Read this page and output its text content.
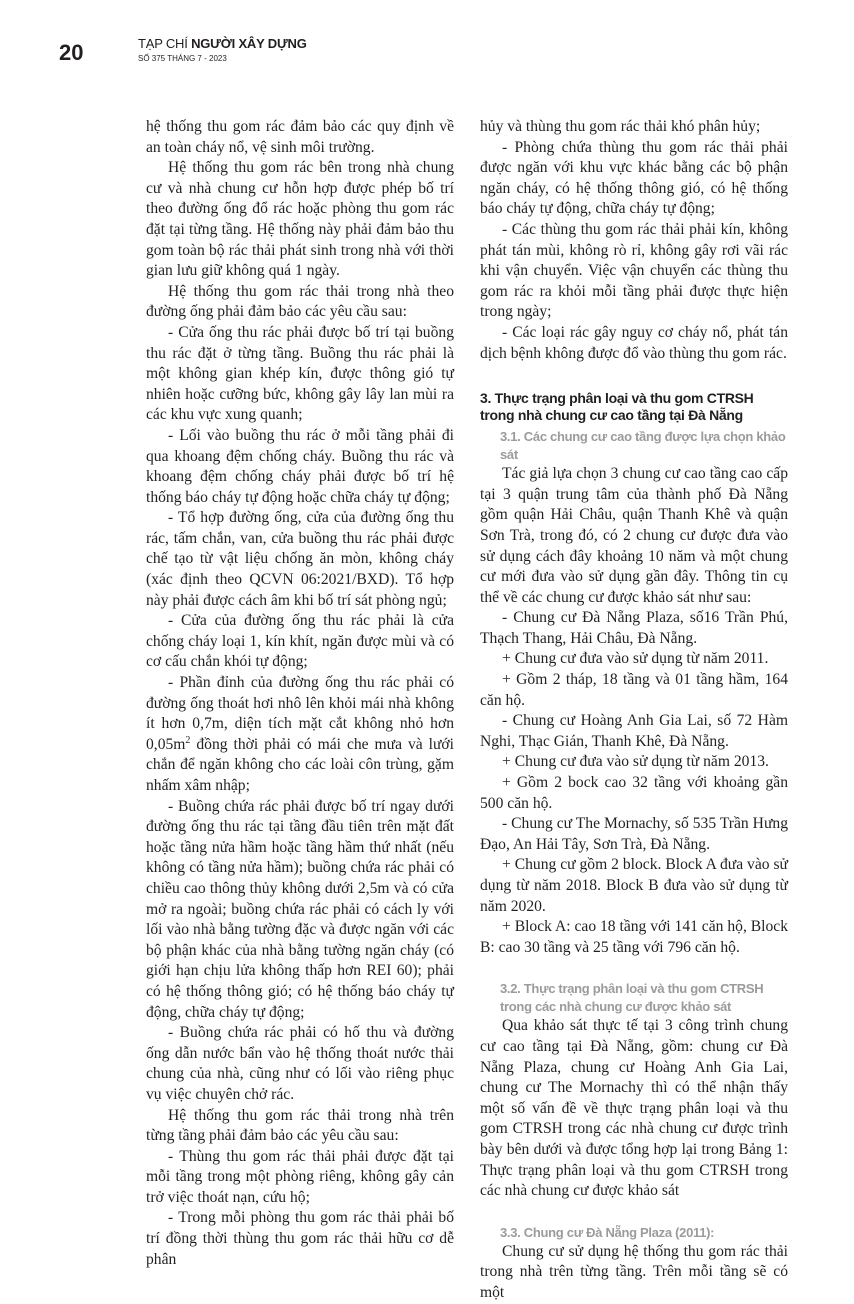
20	TẠP CHÍ NGƯỜI XÂY DỰNG
SỐ 375 THÁNG 7 - 2023

hệ thống thu gom rác đảm bảo các quy định về an toàn cháy nổ, vệ sinh môi trường.

Hệ thống thu gom rác bên trong nhà chung cư và nhà chung cư hỗn hợp được phép bố trí theo đường ống đổ rác hoặc phòng thu gom rác đặt tại từng tầng. Hệ thống này phải đảm bảo thu gom toàn bộ rác thải phát sinh trong nhà với thời gian lưu giữ không quá 1 ngày.

Hệ thống thu gom rác thải trong nhà theo đường ống phải đảm bảo các yêu cầu sau:

- Cửa ống thu rác phải được bố trí tại buồng thu rác đặt ở từng tầng. Buồng thu rác phải là một không gian khép kín, được thông gió tự nhiên hoặc cưỡng bức, không gây lây lan mùi ra các khu vực xung quanh;

- Lối vào buồng thu rác ở mỗi tầng phải đi qua khoang đệm chống cháy. Buồng thu rác và khoang đệm chống cháy phải được bố trí hệ thống báo cháy tự động hoặc chữa cháy tự động;

- Tổ hợp đường ống, cửa của đường ống thu rác, tấm chắn, van, cửa buồng thu rác phải được chế tạo từ vật liệu chống ăn mòn, không cháy (xác định theo QCVN 06:2021/BXD). Tổ hợp này phải được cách âm khi bố trí sát phòng ngủ;

- Cửa của đường ống thu rác phải là cửa chống cháy loại 1, kín khít, ngăn được mùi và có cơ cấu chắn khói tự động;

- Phần đỉnh của đường ống thu rác phải có đường ống thoát hơi nhô lên khỏi mái nhà không ít hơn 0,7m, diện tích mặt cắt không nhỏ hơn $0,05m^2$ đồng thời phải có mái che mưa và lưới chắn để ngăn không cho các loài côn trùng, gặm nhấm xâm nhập;

- Buồng chứa rác phải được bố trí ngay dưới đường ống thu rác tại tầng đầu tiên trên mặt đất hoặc tầng nửa hầm hoặc tầng hầm thứ nhất (nếu không có tầng nửa hầm); buồng chứa rác phải có chiều cao thông thủy không dưới 2,5m và có cửa mở ra ngoài; buồng chứa rác phải có cách ly với lối vào nhà bằng tường đặc và được ngăn với các bộ phận khác của nhà bằng tường ngăn cháy (có giới hạn chịu lửa không thấp hơn REI 60); phải có hệ thống thông gió; có hệ thống báo cháy tự động, chữa cháy tự động;

- Buồng chứa rác phải có hố thu và đường ống dẫn nước bẩn vào hệ thống thoát nước thải chung của nhà, cũng như có lối vào riêng phục vụ việc chuyên chở rác.

Hệ thống thu gom rác thải trong nhà trên từng tầng phải đảm bảo các yêu cầu sau:

- Thùng thu gom rác thải phải được đặt tại mỗi tầng trong một phòng riêng, không gây cản trở việc thoát nạn, cứu hộ;

- Trong mỗi phòng thu gom rác thải phải bố trí đồng thời thùng thu gom rác thải hữu cơ dễ phân

hủy và thùng thu gom rác thải khó phân hủy;

- Phòng chứa thùng thu gom rác thải phải được ngăn với khu vực khác bằng các bộ phận ngăn cháy, có hệ thống thông gió, có hệ thống báo cháy tự động, chữa cháy tự động;

- Các thùng thu gom rác thải phải kín, không phát tán mùi, không rò rỉ, không gây rơi vãi rác khi vận chuyển. Việc vận chuyển các thùng thu gom rác ra khỏi mỗi tầng phải được thực hiện trong ngày;

- Các loại rác gây nguy cơ cháy nổ, phát tán dịch bệnh không được đổ vào thùng thu gom rác.

3. Thực trạng phân loại và thu gom CTRSH trong nhà chung cư cao tầng tại Đà Nẵng
3.1. Các chung cư cao tầng được lựa chọn khảo sát

Tác giả lựa chọn 3 chung cư cao tầng cao cấp tại 3 quận trung tâm của thành phố Đà Nẵng gồm quận Hải Châu, quận Thanh Khê và quận Sơn Trà, trong đó, có 2 chung cư được đưa vào sử dụng cách đây khoảng 10 năm và một chung cư mới đưa vào sử dụng gần đây. Thông tin cụ thể về các chung cư được khảo sát như sau:

- Chung cư Đà Nẵng Plaza, số16 Trần Phú, Thạch Thang, Hải Châu, Đà Nẵng.

+ Chung cư đưa vào sử dụng từ năm 2011.

+ Gồm 2 tháp, 18 tầng và 01 tầng hầm, 164 căn hộ.

- Chung cư Hoàng Anh Gia Lai, số 72 Hàm Nghi, Thạc Gián, Thanh Khê, Đà Nẵng.

+ Chung cư đưa vào sử dụng từ năm 2013.

+ Gồm 2 bock cao 32 tầng với khoảng gần 500 căn hộ.

- Chung cư The Mornachy, số 535 Trần Hưng Đạo, An Hải Tây, Sơn Trà, Đà Nẵng.

+ Chung cư gồm 2 block. Block A đưa vào sử dụng từ năm 2018. Block B đưa vào sử dụng từ năm 2020.

+ Block A: cao 18 tầng với 141 căn hộ, Block B: cao 30 tầng và 25 tầng với 796 căn hộ.

3.2. Thực trạng phân loại và thu gom CTRSH trong các nhà chung cư được khảo sát

Qua khảo sát thực tế tại 3 công trình chung cư cao tầng tại Đà Nẵng, gồm: chung cư Đà Nẵng Plaza, chung cư Hoàng Anh Gia Lai, chung cư The Mornachy thì có thể nhận thấy một số vấn đề về thực trạng phân loại và thu gom CTRSH trong các nhà chung cư được trình bày bên dưới và được tổng hợp lại trong Bảng 1: Thực trạng phân loại và thu gom CTRSH trong các nhà chung cư được khảo sát

3.3. Chung cư Đà Nẵng Plaza (2011):

Chung cư sử dụng hệ thống thu gom rác thải trong nhà trên từng tầng. Trên mỗi tầng sẽ có một
